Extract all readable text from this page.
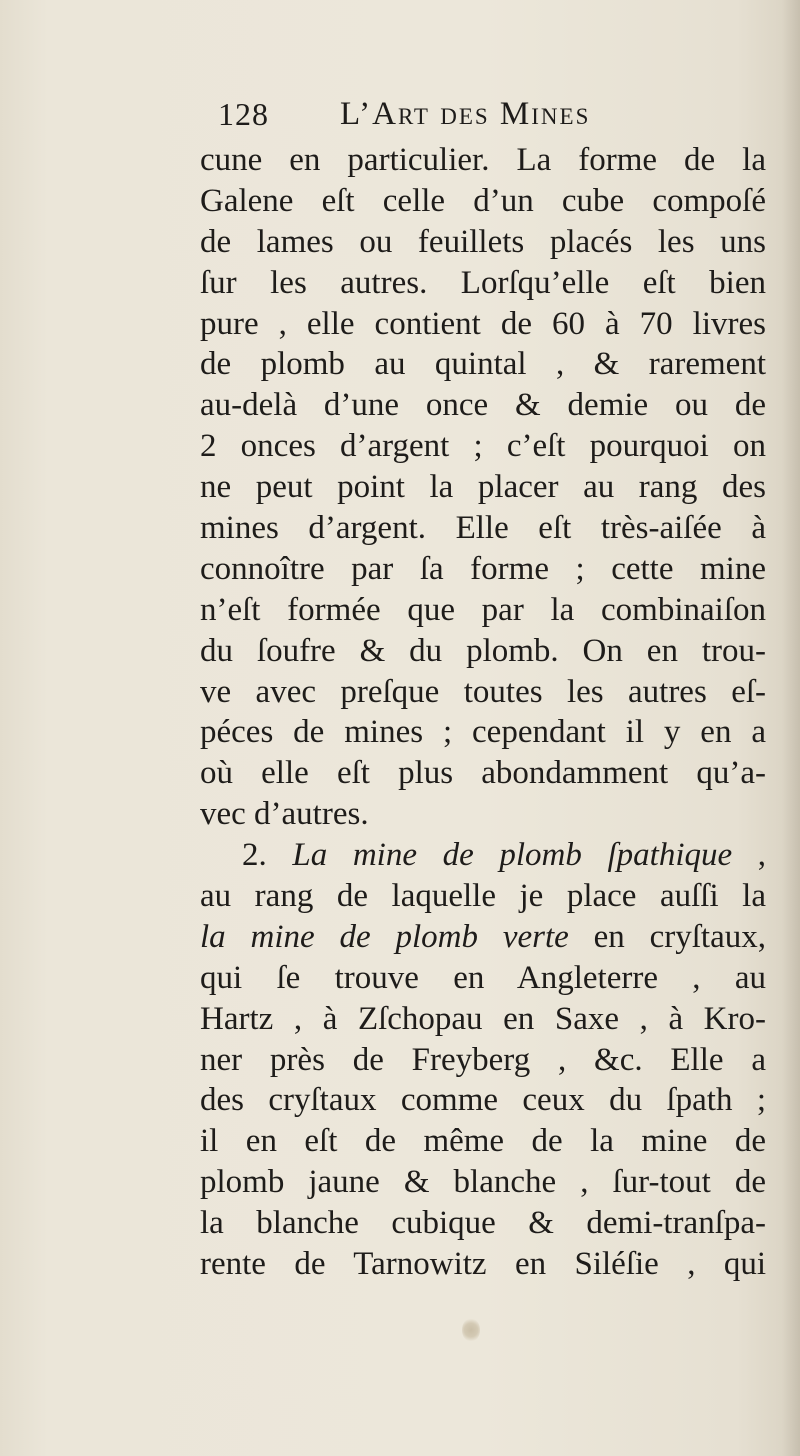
128 L’Art des Mines
cune en particulier. La forme de la
Galene eſt celle d’un cube compoſé
de lames ou feuillets placés les uns
ſur les autres. Lorſqu’elle eſt bien
pure , elle contient de 60 à 70 livres
de plomb au quintal , & rarement
au-delà d’une once & demie ou de
2 onces d’argent ; c’eſt pourquoi on
ne peut point la placer au rang des
mines d’argent. Elle eſt très-aiſée à
connoître par ſa forme ; cette mine
n’eſt formée que par la combinaiſon
du ſoufre & du plomb. On en trou-
ve avec preſque toutes les autres eſ-
péces de mines ; cependant il y en a
où elle eſt plus abondamment qu’a-
vec d’autres.
2. La mine de plomb ſpathique ,
au rang de laquelle je place auſſi la
la mine de plomb verte en cryſtaux,
qui ſe trouve en Angleterre , au
Hartz , à Zſchopau en Saxe , à Kro-
ner près de Freyberg , &c. Elle a
des cryſtaux comme ceux du ſpath ;
il en eſt de même de la mine de
plomb jaune & blanche , ſur-tout de
la blanche cubique & demi-tranſpa-
rente de Tarnowitz en Siléſie , qui
